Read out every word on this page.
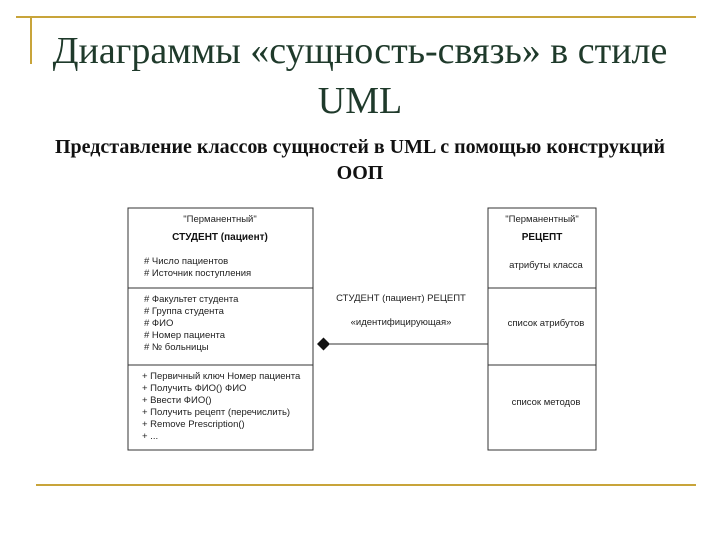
Диаграммы «сущность-связь» в стиле UML
Представление классов сущностей в UML с помощью конструкций ООП
"Перманентный"
СТУДЕНТ (пациент)
# Число пациентов
# Источник поступления
# Факультет студента
# Группа студента
# ФИО
# Номер пациента
# № больницы
+ Первичный ключ Номер пациента
+ Получить ФИО() ФИО
+ Ввести ФИО()
+ Получить рецепт (перечислить)
+ Remove Prescription()
+ ...
"Перманентный"
РЕЦЕПТ
атрибуты класса
список атрибутов
список методов
СТУДЕНТ (пациент) РЕЦЕПТ
«идентифицирующая»
